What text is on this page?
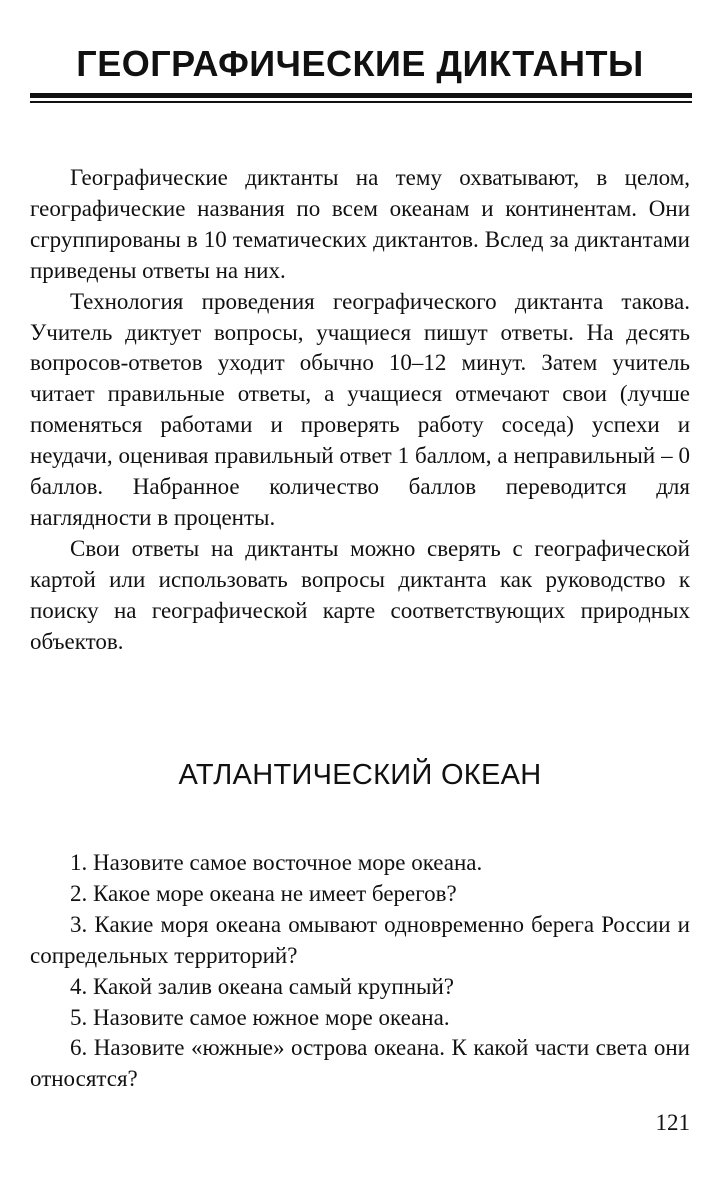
ГЕОГРАФИЧЕСКИЕ ДИКТАНТЫ

Географические диктанты на тему охватывают, в целом, географические названия по всем океанам и континентам. Они сгруппированы в 10 тематических диктантов. Вслед за диктантами приведены ответы на них.

Технология проведения географического диктанта такова. Учитель диктует вопросы, учащиеся пишут ответы. На десять вопросов-ответов уходит обычно 10–12 минут. Затем учитель читает правильные ответы, а учащиеся отмечают свои (лучше поменяться работами и проверять работу соседа) успехи и неудачи, оценивая правильный ответ 1 баллом, а неправильный – 0 баллов. Набранное количество баллов переводится для наглядности в проценты.

Свои ответы на диктанты можно сверять с географической картой или использовать вопросы диктанта как руководство к поиску на географической карте соответствующих природных объектов.

АТЛАНТИЧЕСКИЙ ОКЕАН

1. Назовите самое восточное море океана.

2. Какое море океана не имеет берегов?

3. Какие моря океана омывают одновременно берега России и сопредельных территорий?

4. Какой залив океана самый крупный?

5. Назовите самое южное море океана.

6. Назовите «южные» острова океана. К какой части света они относятся?

121
